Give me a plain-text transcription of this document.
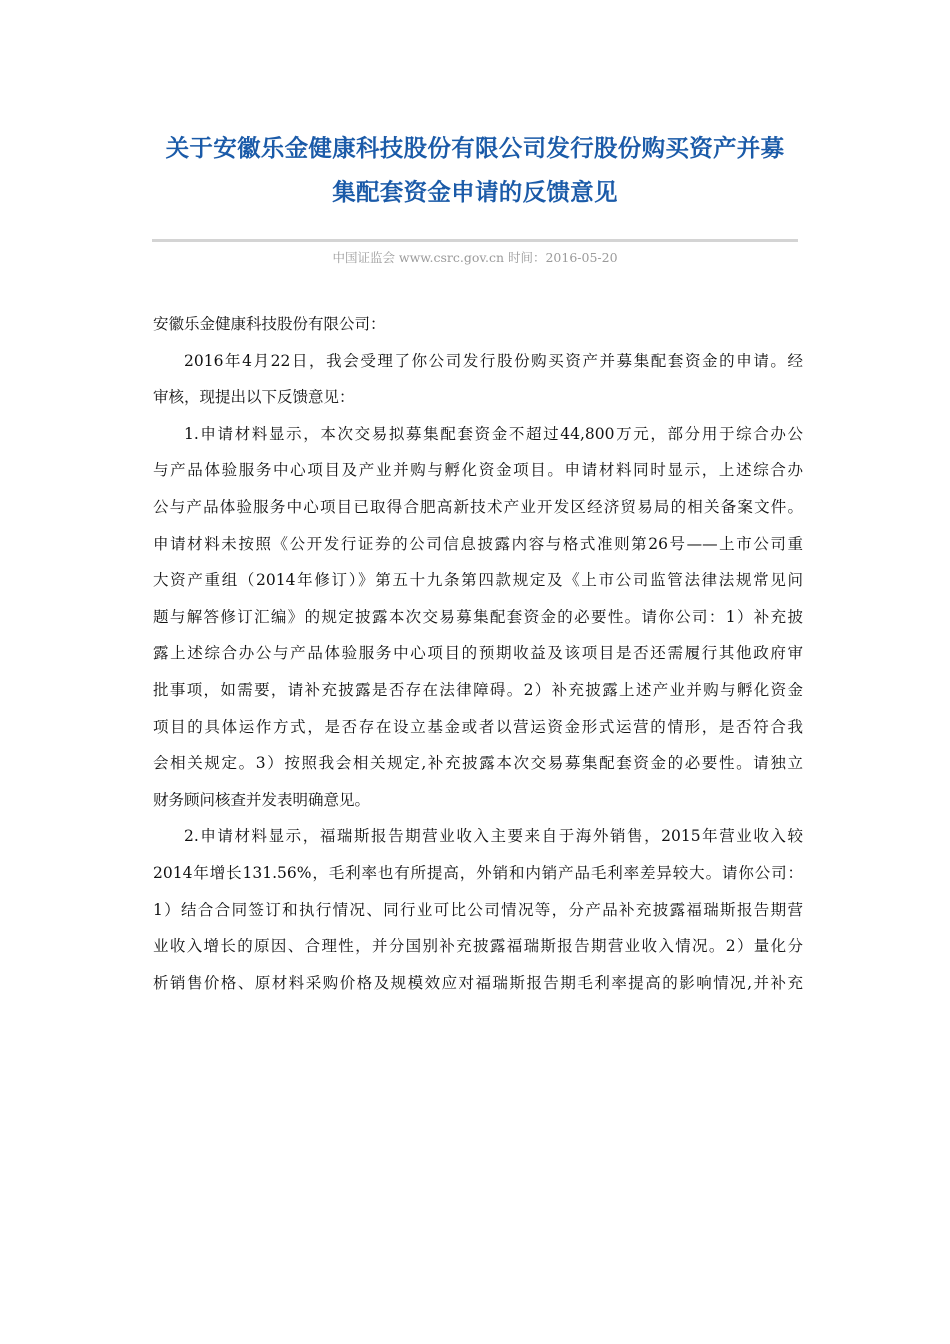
关于安徽乐金健康科技股份有限公司发行股份购买资产并募
集配套资金申请的反馈意见
中国证监会 www.csrc.gov.cn 时间：2016-05-20
安徽乐金健康科技股份有限公司：
2016年4月22日，我会受理了你公司发行股份购买资产并募集配套资金的申请。经
审核，现提出以下反馈意见：
1.申请材料显示，本次交易拟募集配套资金不超过44,800万元，部分用于综合办公
与产品体验服务中心项目及产业并购与孵化资金项目。申请材料同时显示，上述综合办
公与产品体验服务中心项目已取得合肥高新技术产业开发区经济贸易局的相关备案文件。
申请材料未按照《公开发行证券的公司信息披露内容与格式准则第26号——上市公司重
大资产重组（2014年修订）》第五十九条第四款规定及《上市公司监管法律法规常见问
题与解答修订汇编》的规定披露本次交易募集配套资金的必要性。请你公司：1）补充披
露上述综合办公与产品体验服务中心项目的预期收益及该项目是否还需履行其他政府审
批事项，如需要，请补充披露是否存在法律障碍。2）补充披露上述产业并购与孵化资金
项目的具体运作方式，是否存在设立基金或者以营运资金形式运营的情形，是否符合我
会相关规定。3）按照我会相关规定,补充披露本次交易募集配套资金的必要性。请独立
财务顾问核查并发表明确意见。
2.申请材料显示，福瑞斯报告期营业收入主要来自于海外销售，2015年营业收入较
2014年增长131.56%，毛利率也有所提高，外销和内销产品毛利率差异较大。请你公司：
1）结合合同签订和执行情况、同行业可比公司情况等，分产品补充披露福瑞斯报告期营
业收入增长的原因、合理性，并分国别补充披露福瑞斯报告期营业收入情况。2）量化分
析销售价格、原材料采购价格及规模效应对福瑞斯报告期毛利率提高的影响情况,并补充
